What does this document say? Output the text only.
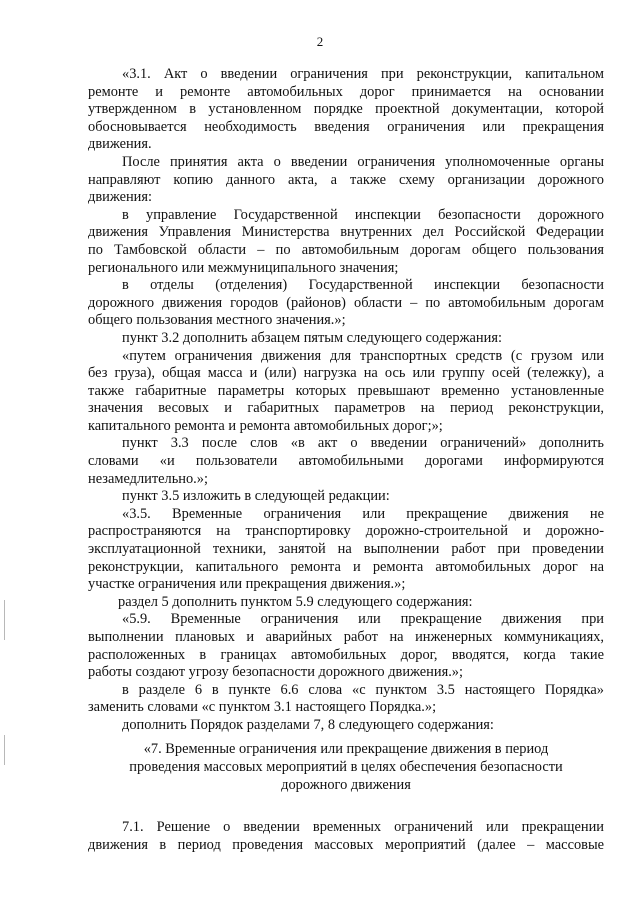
2
«3.1. Акт о введении ограничения при реконструкции, капитальном
ремонте и ремонте автомобильных дорог принимается на основании
утвержденном в установленном порядке проектной документации, которой
обосновывается необходимость введения ограничения или прекращения
движения.
После принятия акта о введении ограничения уполномоченные органы
направляют копию данного акта, а также схему организации дорожного
движения:
в управление Государственной инспекции безопасности дорожного
движения Управления Министерства внутренних дел Российской Федерации
по Тамбовской области – по автомобильным дорогам общего пользования
регионального или межмуниципального значения;
в отделы (отделения) Государственной инспекции безопасности
дорожного движения городов (районов) области – по автомобильным дорогам
общего пользования местного значения.»;
пункт 3.2 дополнить абзацем пятым следующего содержания:
«путем ограничения движения для транспортных средств (с грузом или
без груза), общая масса и (или) нагрузка на ось или группу осей (тележку), а
также габаритные параметры которых превышают временно установленные
значения весовых и габаритных параметров на период реконструкции,
капитального ремонта и ремонта автомобильных дорог;»;
пункт 3.3 после слов «в акт о введении ограничений» дополнить
словами «и пользователи автомобильными дорогами информируются
незамедлительно.»;
пункт 3.5 изложить в следующей редакции:
«3.5. Временные ограничения или прекращение движения не
распространяются на транспортировку дорожно-строительной и дорожно-
эксплуатационной техники, занятой на выполнении работ при проведении
реконструкции, капитального ремонта и ремонта автомобильных дорог на
участке ограничения или прекращения движения.»;
раздел 5 дополнить пунктом 5.9 следующего содержания:
«5.9. Временные ограничения или прекращение движения при
выполнении плановых и аварийных работ на инженерных коммуникациях,
расположенных в границах автомобильных дорог, вводятся, когда такие
работы создают угрозу безопасности дорожного движения.»;
в разделе 6 в пункте 6.6 слова «с пунктом 3.5 настоящего Порядка»
заменить словами «с пунктом 3.1 настоящего Порядка.»;
дополнить Порядок разделами 7, 8 следующего содержания:
«7. Временные ограничения или прекращение движения в период
проведения массовых мероприятий в целях обеспечения безопасности
дорожного движения
7.1. Решение о введении временных ограничений или прекращении
движения в период проведения массовых мероприятий (далее – массовые
